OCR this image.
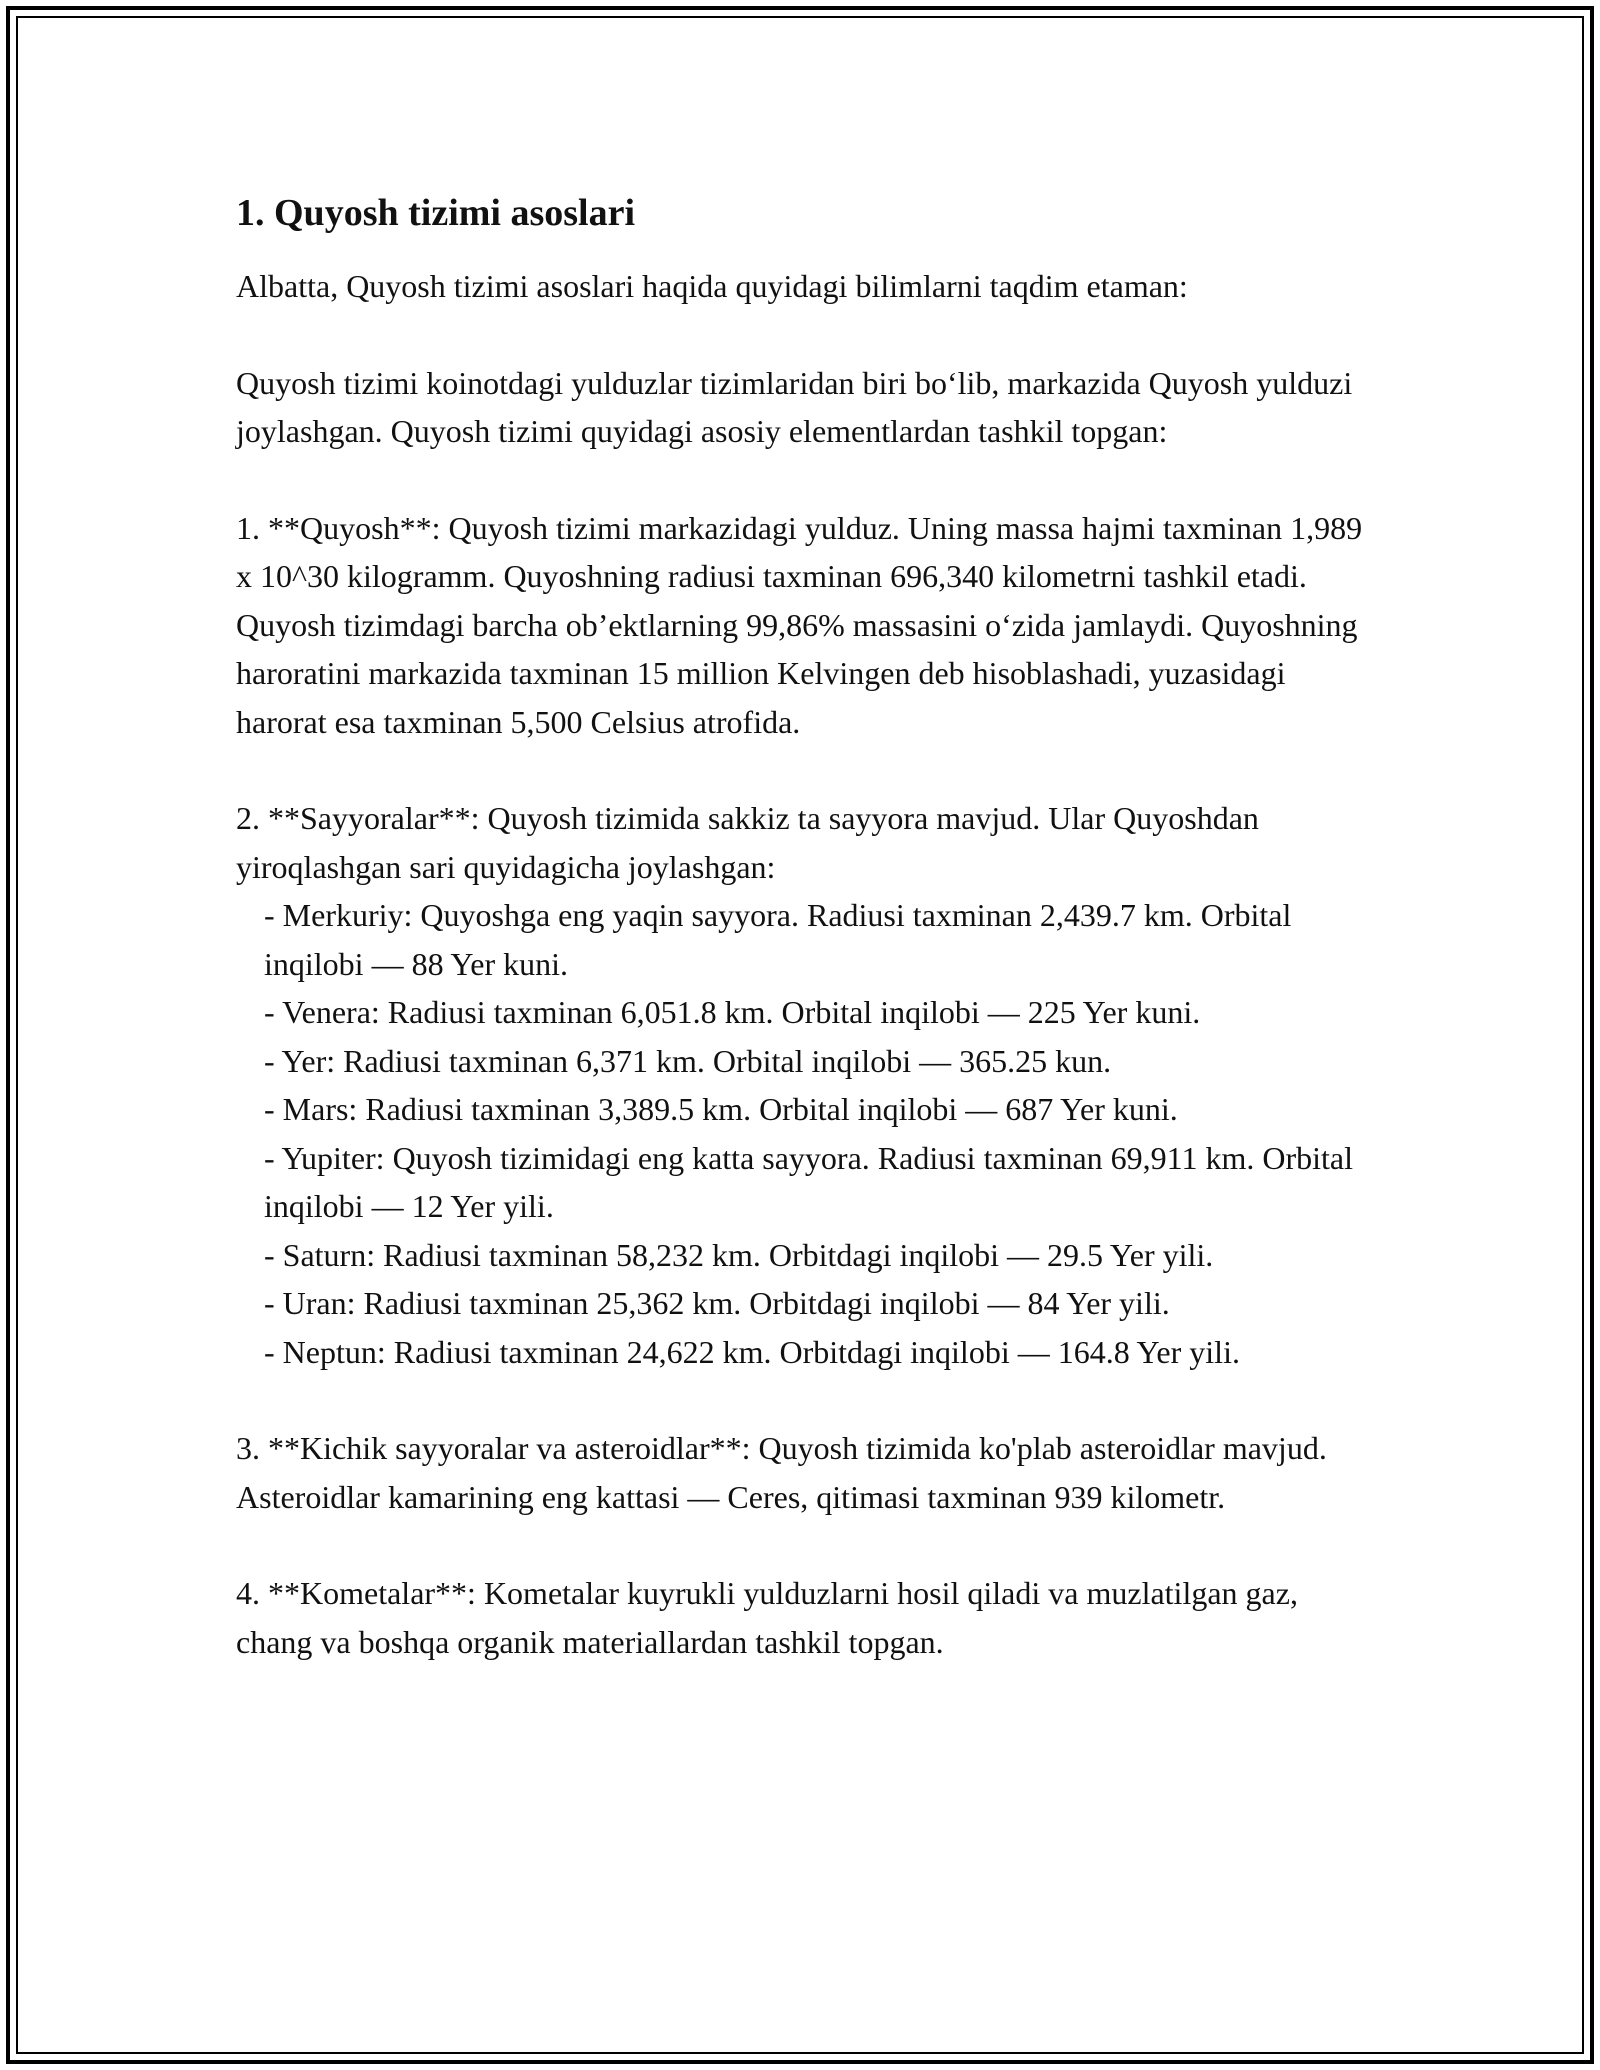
1. Quyosh tizimi asoslari

Albatta, Quyosh tizimi asoslari haqida quyidagi bilimlarni taqdim etaman:

Quyosh tizimi koinotdagi yulduzlar tizimlaridan biri bo‘lib, markazida Quyosh yulduzi joylashgan. Quyosh tizimi quyidagi asosiy elementlardan tashkil topgan:

1. **Quyosh**: Quyosh tizimi markazidagi yulduz. Uning massa hajmi taxminan 1,989 x 10^30 kilogramm. Quyoshning radiusi taxminan 696,340 kilometrni tashkil etadi. Quyosh tizimdagi barcha ob’ektlarning 99,86% massasini o‘zida jamlaydi. Quyoshning haroratini markazida taxminan 15 million Kelvingen deb hisoblashadi, yuzasidagi harorat esa taxminan 5,500 Celsius atrofida.

2. **Sayyoralar**: Quyosh tizimida sakkiz ta sayyora mavjud. Ular Quyoshdan yiroqlashgan sari quyidagicha joylashgan:
- Merkuriy: Quyoshga eng yaqin sayyora. Radiusi taxminan 2,439.7 km. Orbital inqilobi — 88 Yer kuni.
- Venera: Radiusi taxminan 6,051.8 km. Orbital inqilobi — 225 Yer kuni.
- Yer: Radiusi taxminan 6,371 km. Orbital inqilobi — 365.25 kun.
- Mars: Radiusi taxminan 3,389.5 km. Orbital inqilobi — 687 Yer kuni.
- Yupiter: Quyosh tizimidagi eng katta sayyora. Radiusi taxminan 69,911 km. Orbital inqilobi — 12 Yer yili.
- Saturn: Radiusi taxminan 58,232 km. Orbitdagi inqilobi — 29.5 Yer yili.
- Uran: Radiusi taxminan 25,362 km. Orbitdagi inqilobi — 84 Yer yili.
- Neptun: Radiusi taxminan 24,622 km. Orbitdagi inqilobi — 164.8 Yer yili.

3. **Kichik sayyoralar va asteroidlar**: Quyosh tizimida ko'plab asteroidlar mavjud. Asteroidlar kamarining eng kattasi — Ceres, qitimasi taxminan 939 kilometr.

4. **Kometalar**: Kometalar kuyrukli yulduzlarni hosil qiladi va muzlatilgan gaz, chang va boshqa organik materiallardan tashkil topgan.
